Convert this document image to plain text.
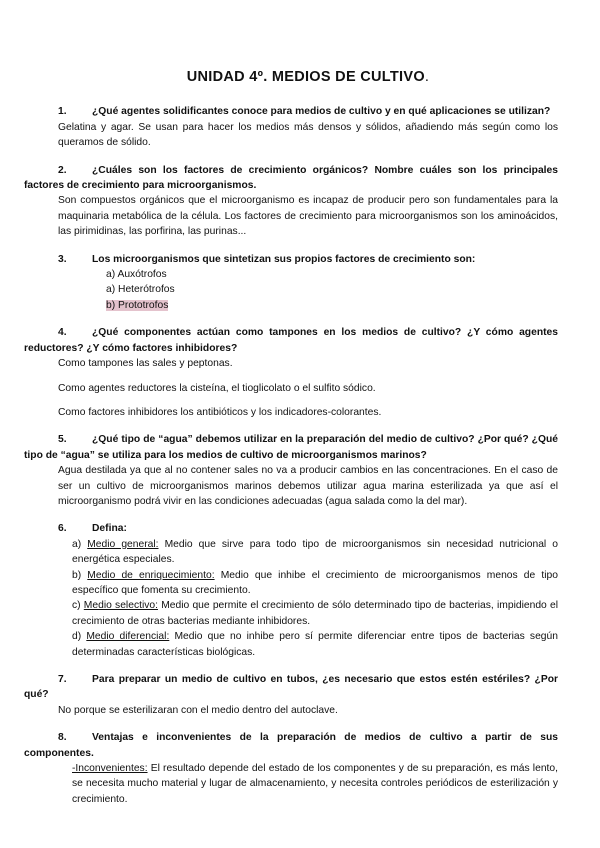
UNIDAD 4º. MEDIOS DE CULTIVO.
1. ¿Qué agentes solidificantes conoce para medios de cultivo y en qué aplicaciones se utilizan?

Gelatina y agar. Se usan para hacer los medios más densos y sólidos, añadiendo más según como los queramos de sólido.

2. ¿Cuáles son los factores de crecimiento orgánicos? Nombre cuáles son los principales factores de crecimiento para microorganismos.

Son compuestos orgánicos que el microorganismo es incapaz de producir pero son fundamentales para la maquinaria metabólica de la célula. Los factores de crecimiento para microorganismos son los aminoácidos, las pirimidinas, las porfirina, las purinas...

3.	Los microorganismos que sintetizan sus propios factores de crecimiento son:
a) Auxótrofos
a) Heterótrofos
b) Prototrofos
4. ¿Qué componentes actúan como tampones en los medios de cultivo? ¿Y cómo agentes reductores? ¿Y cómo factores inhibidores?

Como tampones las sales y peptonas.

Como agentes reductores la cisteína, el tioglicolato o el sulfito sódico.

Como factores inhibidores los antibióticos y los indicadores-colorantes.

5. ¿Qué tipo de “agua” debemos utilizar en la preparación del medio de cultivo? ¿Por qué? ¿Qué tipo de “agua” se utiliza para los medios de cultivo de microorganismos marinos?

Agua destilada ya que al no contener sales no va a producir cambios en las concentraciones. En el caso de ser un cultivo de microorganismos marinos debemos utilizar agua marina esterilizada ya que así el microorganismo podrá vivir en las condiciones adecuadas (agua salada como la del mar).

6.	Defina:

a) Medio general: Medio que sirve para todo tipo de microorganismos sin necesidad nutricional o energética especiales.

b) Medio de enriquecimiento: Medio que inhibe el crecimiento de microorganismos menos de tipo específico que fomenta su crecimiento.

c) Medio selectivo: Medio que permite el crecimiento de sólo determinado tipo de bacterias, impidiendo el crecimiento de otras bacterias mediante inhibidores.

d) Medio diferencial: Medio que no inhibe pero sí permite diferenciar entre tipos de bacterias según determinadas características biológicas.

7. Para preparar un medio de cultivo en tubos, ¿es necesario que estos estén estériles? ¿Por qué?

No porque se esterilizaran con el medio dentro del autoclave.

8. Ventajas e inconvenientes de la preparación de medios de cultivo a partir de sus componentes.

-Inconvenientes: El resultado depende del estado de los componentes y de su preparación, es más lento, se necesita mucho material y lugar de almacenamiento, y necesita controles periódicos de esterilización y crecimiento.
